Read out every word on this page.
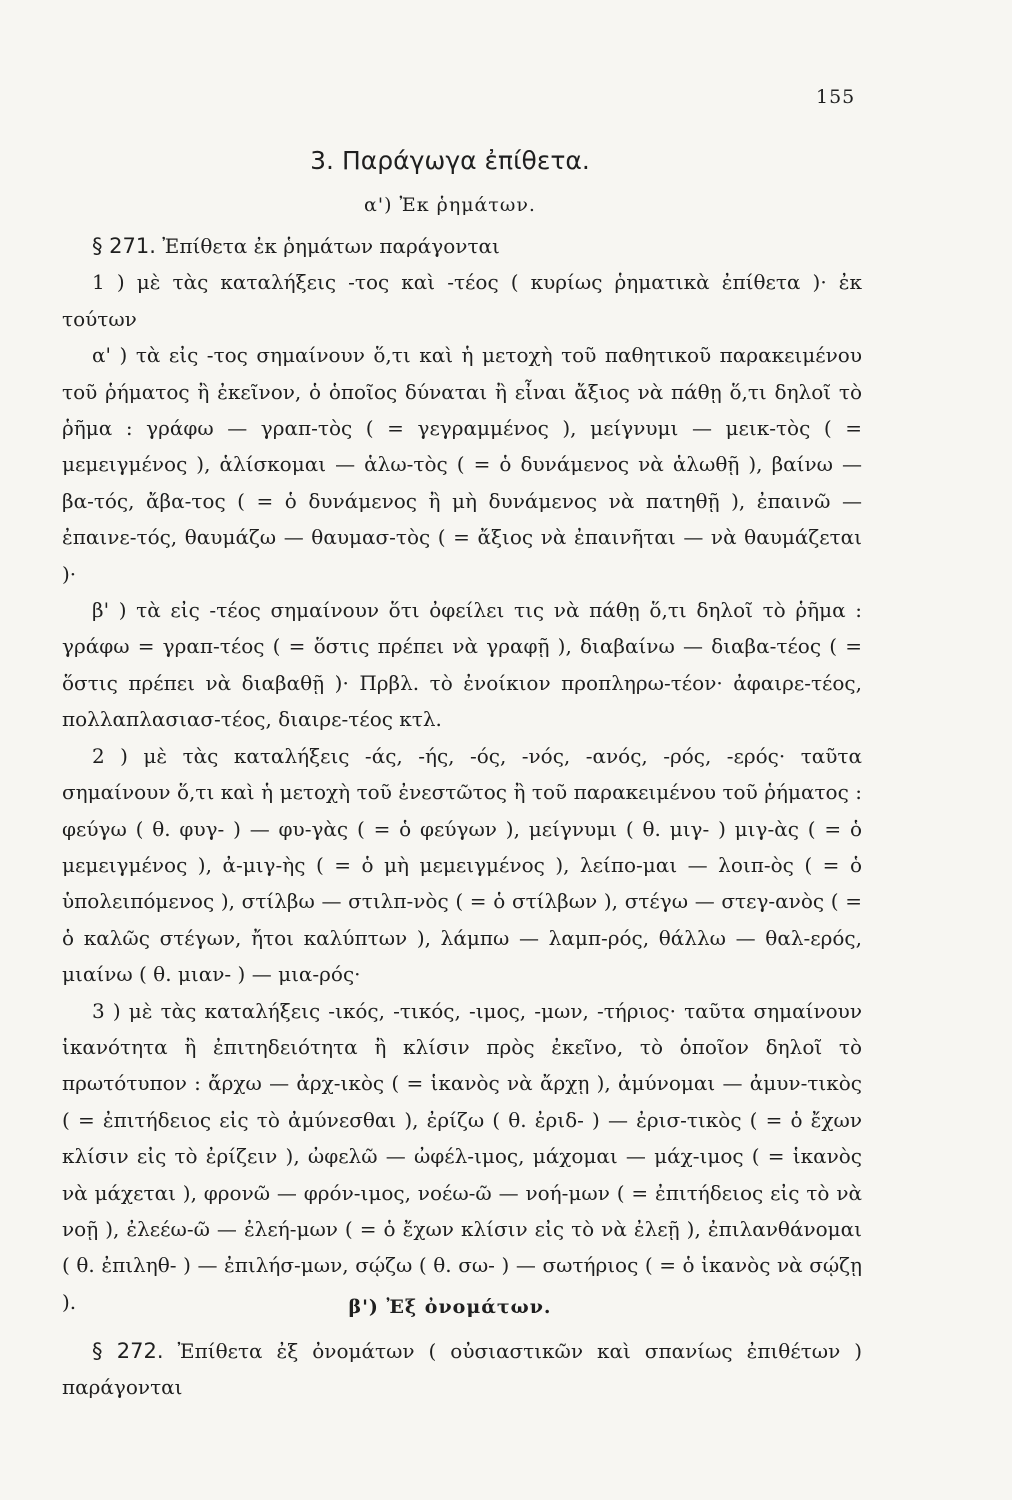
155
3. Παράγωγα ἐπίθετα.
α') Ἐκ ῥημάτων.
§ 271. Ἐπίθετα ἐκ ῥημάτων παράγονται
1 ) μὲ τὰς καταλήξεις -τος καὶ -τέος ( κυρίως ῥηματικὰ ἐπίθετα )· ἐκ τούτων
α' ) τὰ εἰς -τος σημαίνουν ὅ,τι καὶ ἡ μετοχὴ τοῦ παθητικοῦ παρακειμένου τοῦ ῥήματος ἢ ἐκεῖνον, ὁ ὁποῖος δύναται ἢ εἶναι ἄξιος νὰ πάθῃ ὅ,τι δηλοῖ τὸ ῥῆμα : γράφω — γραπ-τὸς ( = γεγραμμένος ), μείγνυμι — μεικ-τὸς ( = μεμειγμένος ), ἁλίσκομαι — ἁλω-τὸς ( = ὁ δυνάμενος νὰ ἁλωθῇ ), βαίνω — βα-τός, ἄβα-τος ( = ὁ δυνάμενος ἢ μὴ δυνάμενος νὰ πατηθῇ ), ἐπαινῶ — ἐπαινε-τός, θαυμάζω — θαυμασ-τὸς ( = ἄξιος νὰ ἐπαινῆται — νὰ θαυμάζεται )·
β' ) τὰ εἰς -τέος σημαίνουν ὅτι ὀφείλει τις νὰ πάθῃ ὅ,τι δηλοῖ τὸ ῥῆμα : γράφω = γραπ-τέος ( = ὅστις πρέπει νὰ γραφῇ ), διαβαίνω — διαβα-τέος ( = ὅστις πρέπει νὰ διαβαθῇ )· Πρβλ. τὸ ἐνοίκιον προπληρω-τέον· ἀφαιρε-τέος, πολλαπλασιασ-τέος, διαιρε-τέος κτλ.
2 ) μὲ τὰς καταλήξεις -άς, -ής, -ός, -νός, -ανός, -ρός, -ερός· ταῦτα σημαίνουν ὅ,τι καὶ ἡ μετοχὴ τοῦ ἐνεστῶτος ἢ τοῦ παρακειμένου τοῦ ῥήματος : φεύγω ( θ. φυγ- ) — φυ-γὰς ( = ὁ φεύγων ), μείγνυμι ( θ. μιγ- ) μιγ-ὰς ( = ὁ μεμειγμένος ), ἀ-μιγ-ὴς ( = ὁ μὴ μεμειγμένος ), λείπο-μαι — λοιπ-ὸς ( = ὁ ὑπολειπόμενος ), στίλβω — στιλπ-νὸς ( = ὁ στίλβων ), στέγω — στεγ-ανὸς ( = ὁ καλῶς στέγων, ἤτοι καλύπτων ), λάμπω — λαμπ-ρός, θάλλω — θαλ-ερός, μιαίνω ( θ. μιαν- ) — μια-ρός·
3 ) μὲ τὰς καταλήξεις -ικός, -τικός, -ιμος, -μων, -τήριος· ταῦτα σημαίνουν ἱκανότητα ἢ ἐπιτηδειότητα ἢ κλίσιν πρὸς ἐκεῖνο, τὸ ὁποῖον δηλοῖ τὸ πρωτότυπον : ἄρχω — ἀρχ-ικὸς ( = ἱκανὸς νὰ ἄρχῃ ), ἀμύνομαι — ἀμυν-τικὸς ( = ἐπιτήδειος εἰς τὸ ἀμύνεσθαι ), ἐρίζω ( θ. ἐριδ- ) — ἐρισ-τικὸς ( = ὁ ἔχων κλίσιν εἰς τὸ ἐρίζειν ), ὠφελῶ — ὠφέλ-ιμος, μάχομαι — μάχ-ιμος ( = ἱκανὸς νὰ μάχεται ), φρονῶ — φρόν-ιμος, νοέω-ῶ — νοή-μων ( = ἐπιτήδειος εἰς τὸ νὰ νοῇ ), ἐλεέω-ῶ — ἐλεή-μων ( = ὁ ἔχων κλίσιν εἰς τὸ νὰ ἐλεῇ ), ἐπιλανθάνομαι ( θ. ἐπιληθ- ) — ἐπιλήσ-μων, σῴζω ( θ. σω- ) — σωτήριος ( = ὁ ἱκανὸς νὰ σῴζῃ ).	β') Ἐξ ὀνομάτων.
§ 272. Ἐπίθετα ἐξ ὀνομάτων ( οὐσιαστικῶν καὶ σπανίως ἐπιθέτων ) παράγονται
